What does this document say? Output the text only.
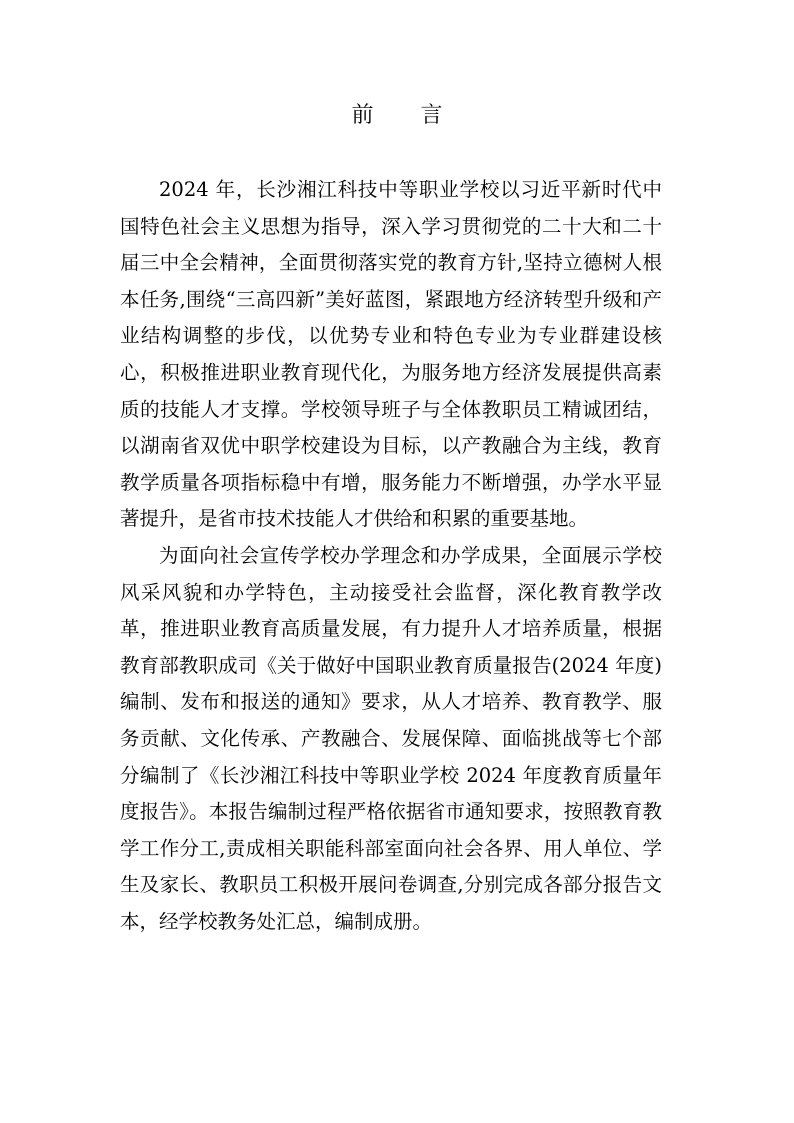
前 言

2024 年，长沙湘江科技中等职业学校以习近平新时代中国特色社会主义思想为指导，深入学习贯彻党的二十大和二十届三中全会精神，全面贯彻落实党的教育方针,坚持立德树人根本任务,围绕“三高四新”美好蓝图，紧跟地方经济转型升级和产业结构调整的步伐，以优势专业和特色专业为专业群建设核心，积极推进职业教育现代化，为服务地方经济发展提供高素质的技能人才支撑。学校领导班子与全体教职员工精诚团结，以湖南省双优中职学校建设为目标，以产教融合为主线，教育教学质量各项指标稳中有增，服务能力不断增强，办学水平显著提升，是省市技术技能人才供给和积累的重要基地。

为面向社会宣传学校办学理念和办学成果，全面展示学校风采风貌和办学特色，主动接受社会监督，深化教育教学改革，推进职业教育高质量发展，有力提升人才培养质量，根据教育部教职成司《关于做好中国职业教育质量报告(2024 年度)编制、发布和报送的通知》要求，从人才培养、教育教学、服务贡献、文化传承、产教融合、发展保障、面临挑战等七个部分编制了《长沙湘江科技中等职业学校 2024 年度教育质量年度报告》。本报告编制过程严格依据省市通知要求，按照教育教学工作分工,责成相关职能科部室面向社会各界、用人单位、学生及家长、教职员工积极开展问卷调查,分别完成各部分报告文本，经学校教务处汇总，编制成册。
